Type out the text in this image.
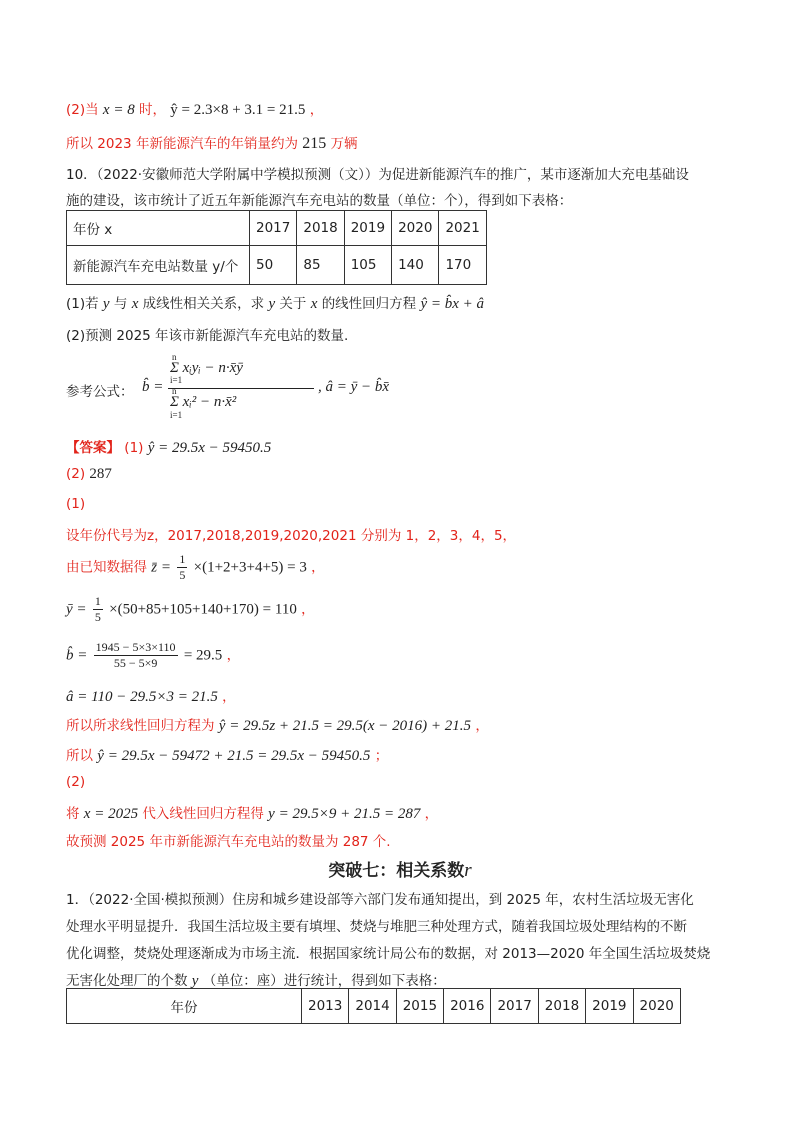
(2)当 x = 8 时， ŷ = 2.3×8 + 3.1 = 21.5 ，
所以 2023 年新能源汽车的年销量约为 215 万辆
10．（2022·安徽师范大学附属中学模拟预测（文））为促进新能源汽车的推广，某市逐渐加大充电基础设
施的建设，该市统计了近五年新能源汽车充电站的数量（单位：个），得到如下表格：
年份 x	2017	2018	2019	2020	2021
新能源汽车充电站数量 y/个	50	85	105	140	170
(1)若 y 与 x 成线性相关关系，求 y 关于 x 的线性回归方程 ŷ = b̂x + â
(2)预测 2025 年该市新能源汽车充电站的数量.
参考公式： b̂ =
n
Σ xᵢyᵢ − n·x̄ȳ
i=1
n
Σ xᵢ² − n·x̄²
i=1
, â = ȳ − b̂x̄
【答案】 (1) ŷ = 29.5x − 59450.5
(2) 287
(1)
设年份代号为z，2017,2018,2019,2020,2021 分别为 1，2，3，4，5，
由已知数据得 z̄ = $\frac{1}{5} \times(1+2+3+4+5) = 3$ ，
ȳ = $\frac{1}{5} \times(50+85+105+140+170) = 110$ ，
b̂ = $\frac{1945 - 5\times 3\times 110}{55 - 5\times 9} = 29.5$ ，
â = 110 − 29.5×3 = 21.5 ，
所以所求线性回归方程为 ŷ = 29.5z + 21.5 = 29.5(x − 2016) + 21.5 ，
所以 ŷ = 29.5x − 59472 + 21.5 = 29.5x − 59450.5 ；
(2)
将 x = 2025 代入线性回归方程得 y = 29.5×9 + 21.5 = 287 ，
故预测 2025 年市新能源汽车充电站的数量为 287 个.
突破七：相关系数r
1．（2022·全国·模拟预测）住房和城乡建设部等六部门发布通知提出，到 2025 年，农村生活垃圾无害化
处理水平明显提升．我国生活垃圾主要有填埋、焚烧与堆肥三种处理方式，随着我国垃圾处理结构的不断
优化调整，焚烧处理逐渐成为市场主流．根据国家统计局公布的数据，对 2013—2020 年全国生活垃圾焚烧
无害化处理厂的个数 y （单位：座）进行统计，得到如下表格：
年份	2013	2014	2015	2016	2017	2018	2019	2020
